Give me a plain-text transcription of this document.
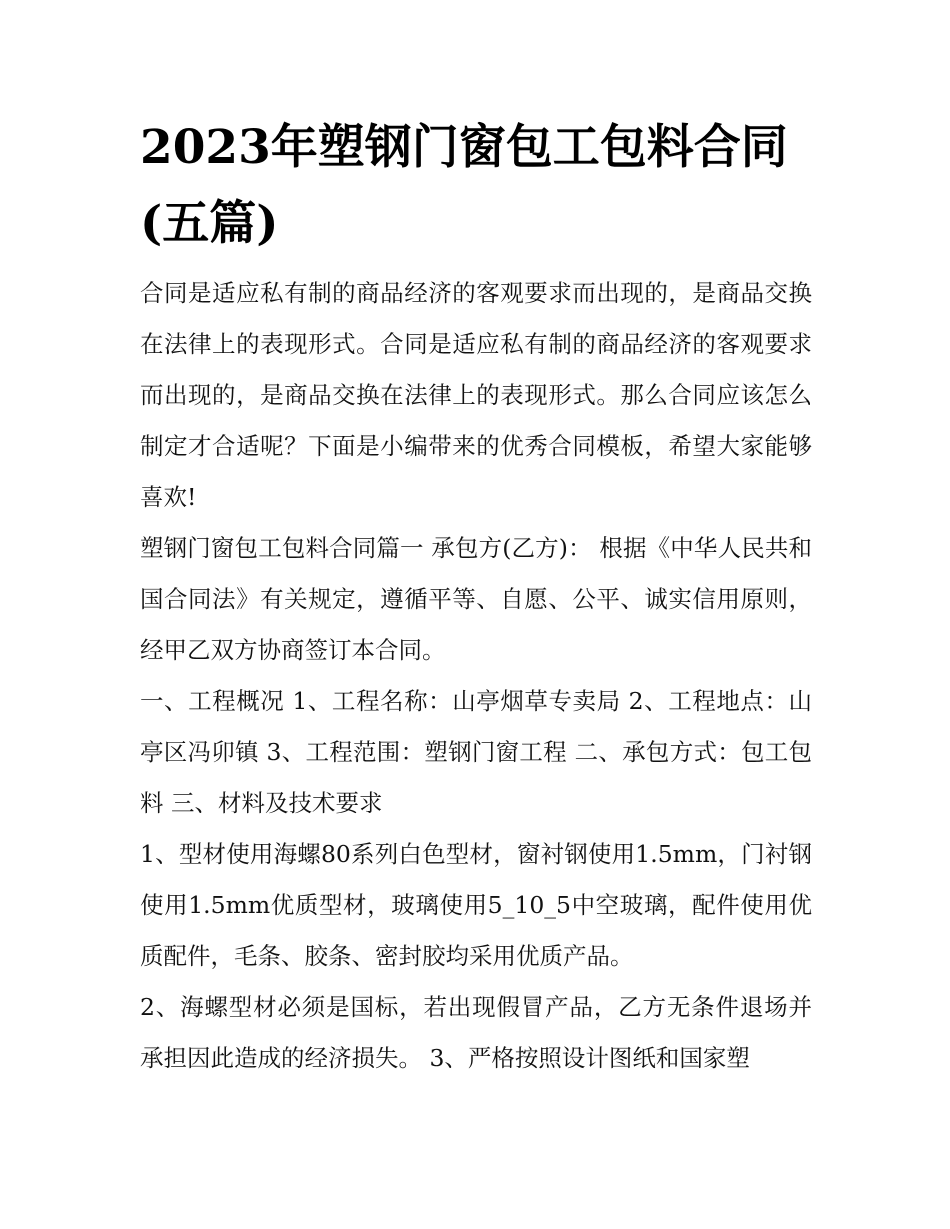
2023年塑钢门窗包工包料合同(五篇)

合同是适应私有制的商品经济的客观要求而出现的，是商品交换在法律上的表现形式。合同是适应私有制的商品经济的客观要求而出现的，是商品交换在法律上的表现形式。那么合同应该怎么制定才合适呢？下面是小编带来的优秀合同模板，希望大家能够喜欢!

塑钢门窗包工包料合同篇一 承包方(乙方)： 根据《中华人民共和国合同法》有关规定，遵循平等、自愿、公平、诚实信用原则，经甲乙双方协商签订本合同。

一、工程概况 1、工程名称：山亭烟草专卖局 2、工程地点：山亭区冯卯镇 3、工程范围：塑钢门窗工程 二、承包方式：包工包料 三、材料及技术要求

1、型材使用海螺80系列白色型材，窗衬钢使用1.5mm，门衬钢使用1.5mm优质型材，玻璃使用5_10_5中空玻璃，配件使用优质配件，毛条、胶条、密封胶均采用优质产品。

2、海螺型材必须是国标，若出现假冒产品，乙方无条件退场并承担因此造成的经济损失。 3、严格按照设计图纸和国家塑
